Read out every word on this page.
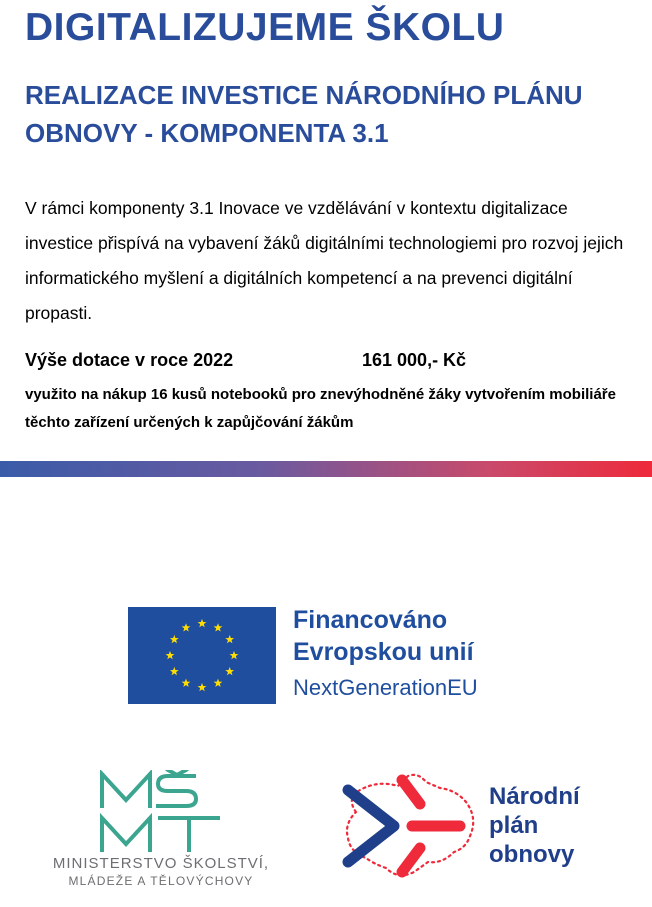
DIGITALIZUJEME ŠKOLU
REALIZACE INVESTICE NÁRODNÍHO PLÁNU OBNOVY - KOMPONENTA 3.1

V rámci komponenty 3.1 Inovace ve vzdělávání v kontextu digitalizace investice přispívá na vybavení žáků digitálními technologiemi pro rozvoj jejich informatického myšlení a digitálních kompetencí a na prevenci digitální propasti.

Výše dotace v roce 2022	161 000,- Kč

využito na nákup 16 kusů notebooků pro znevýhodněné žáky vytvořením mobiliáře těchto zařízení určených k zapůjčování žákům

Financováno
Evropskou unií
NextGenerationEU
MINISTERSTVO ŠKOLSTVÍ,
MLÁDEŽE A TĚLOVÝCHOVY
Národní
plán
obnovy
